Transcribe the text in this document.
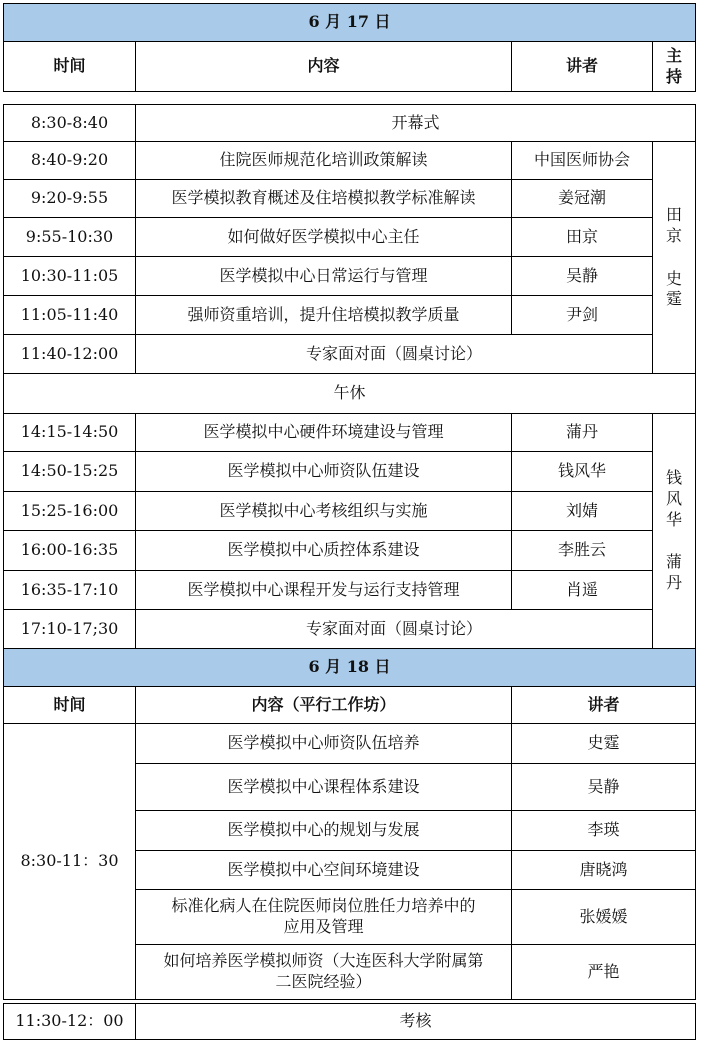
6 月 17 日			
时间	内容	讲者	主
持

8:30-8:40	开幕式		
8:40-9:20	住院医师规范化培训政策解读	中国医师协会	田
京
史
霆

9:20-9:55	医学模拟教育概述及住培模拟教学标准解读	姜冠潮	
9:55-10:30	如何做好医学模拟中心主任	田京	
10:30-11:05	医学模拟中心日常运行与管理	吴静	
11:05-11:40	强师资重培训，提升住培模拟教学质量	尹剑	
11:40-12:00	专家面对面（圆桌讨论）		
午休			
14:15-14:50	医学模拟中心硬件环境建设与管理	蒲丹	钱
风
华
蒲
丹

14:50-15:25	医学模拟中心师资队伍建设	钱风华	
15:25-16:00	医学模拟中心考核组织与实施	刘婧	
16:00-16:35	医学模拟中心质控体系建设	李胜云	
16:35-17:10	医学模拟中心课程开发与运行支持管理	肖遥	
17:10-17;30	专家面对面（圆桌讨论）		
6 月 18 日			
时间	内容（平行工作坊）	讲者	
8:30-11：30	医学模拟中心师资队伍培养	史霆	
	医学模拟中心课程体系建设	吴静	
	医学模拟中心的规划与发展	李瑛	
	医学模拟中心空间环境建设	唐晓鸿	

	标准化病人在住院医师岗位胜任力培养中的
应用及管理	张媛媛	

	如何培养医学模拟师资（大连医科大学附属第
二医院经验）	严艳	

11:30-12：00	考核		
